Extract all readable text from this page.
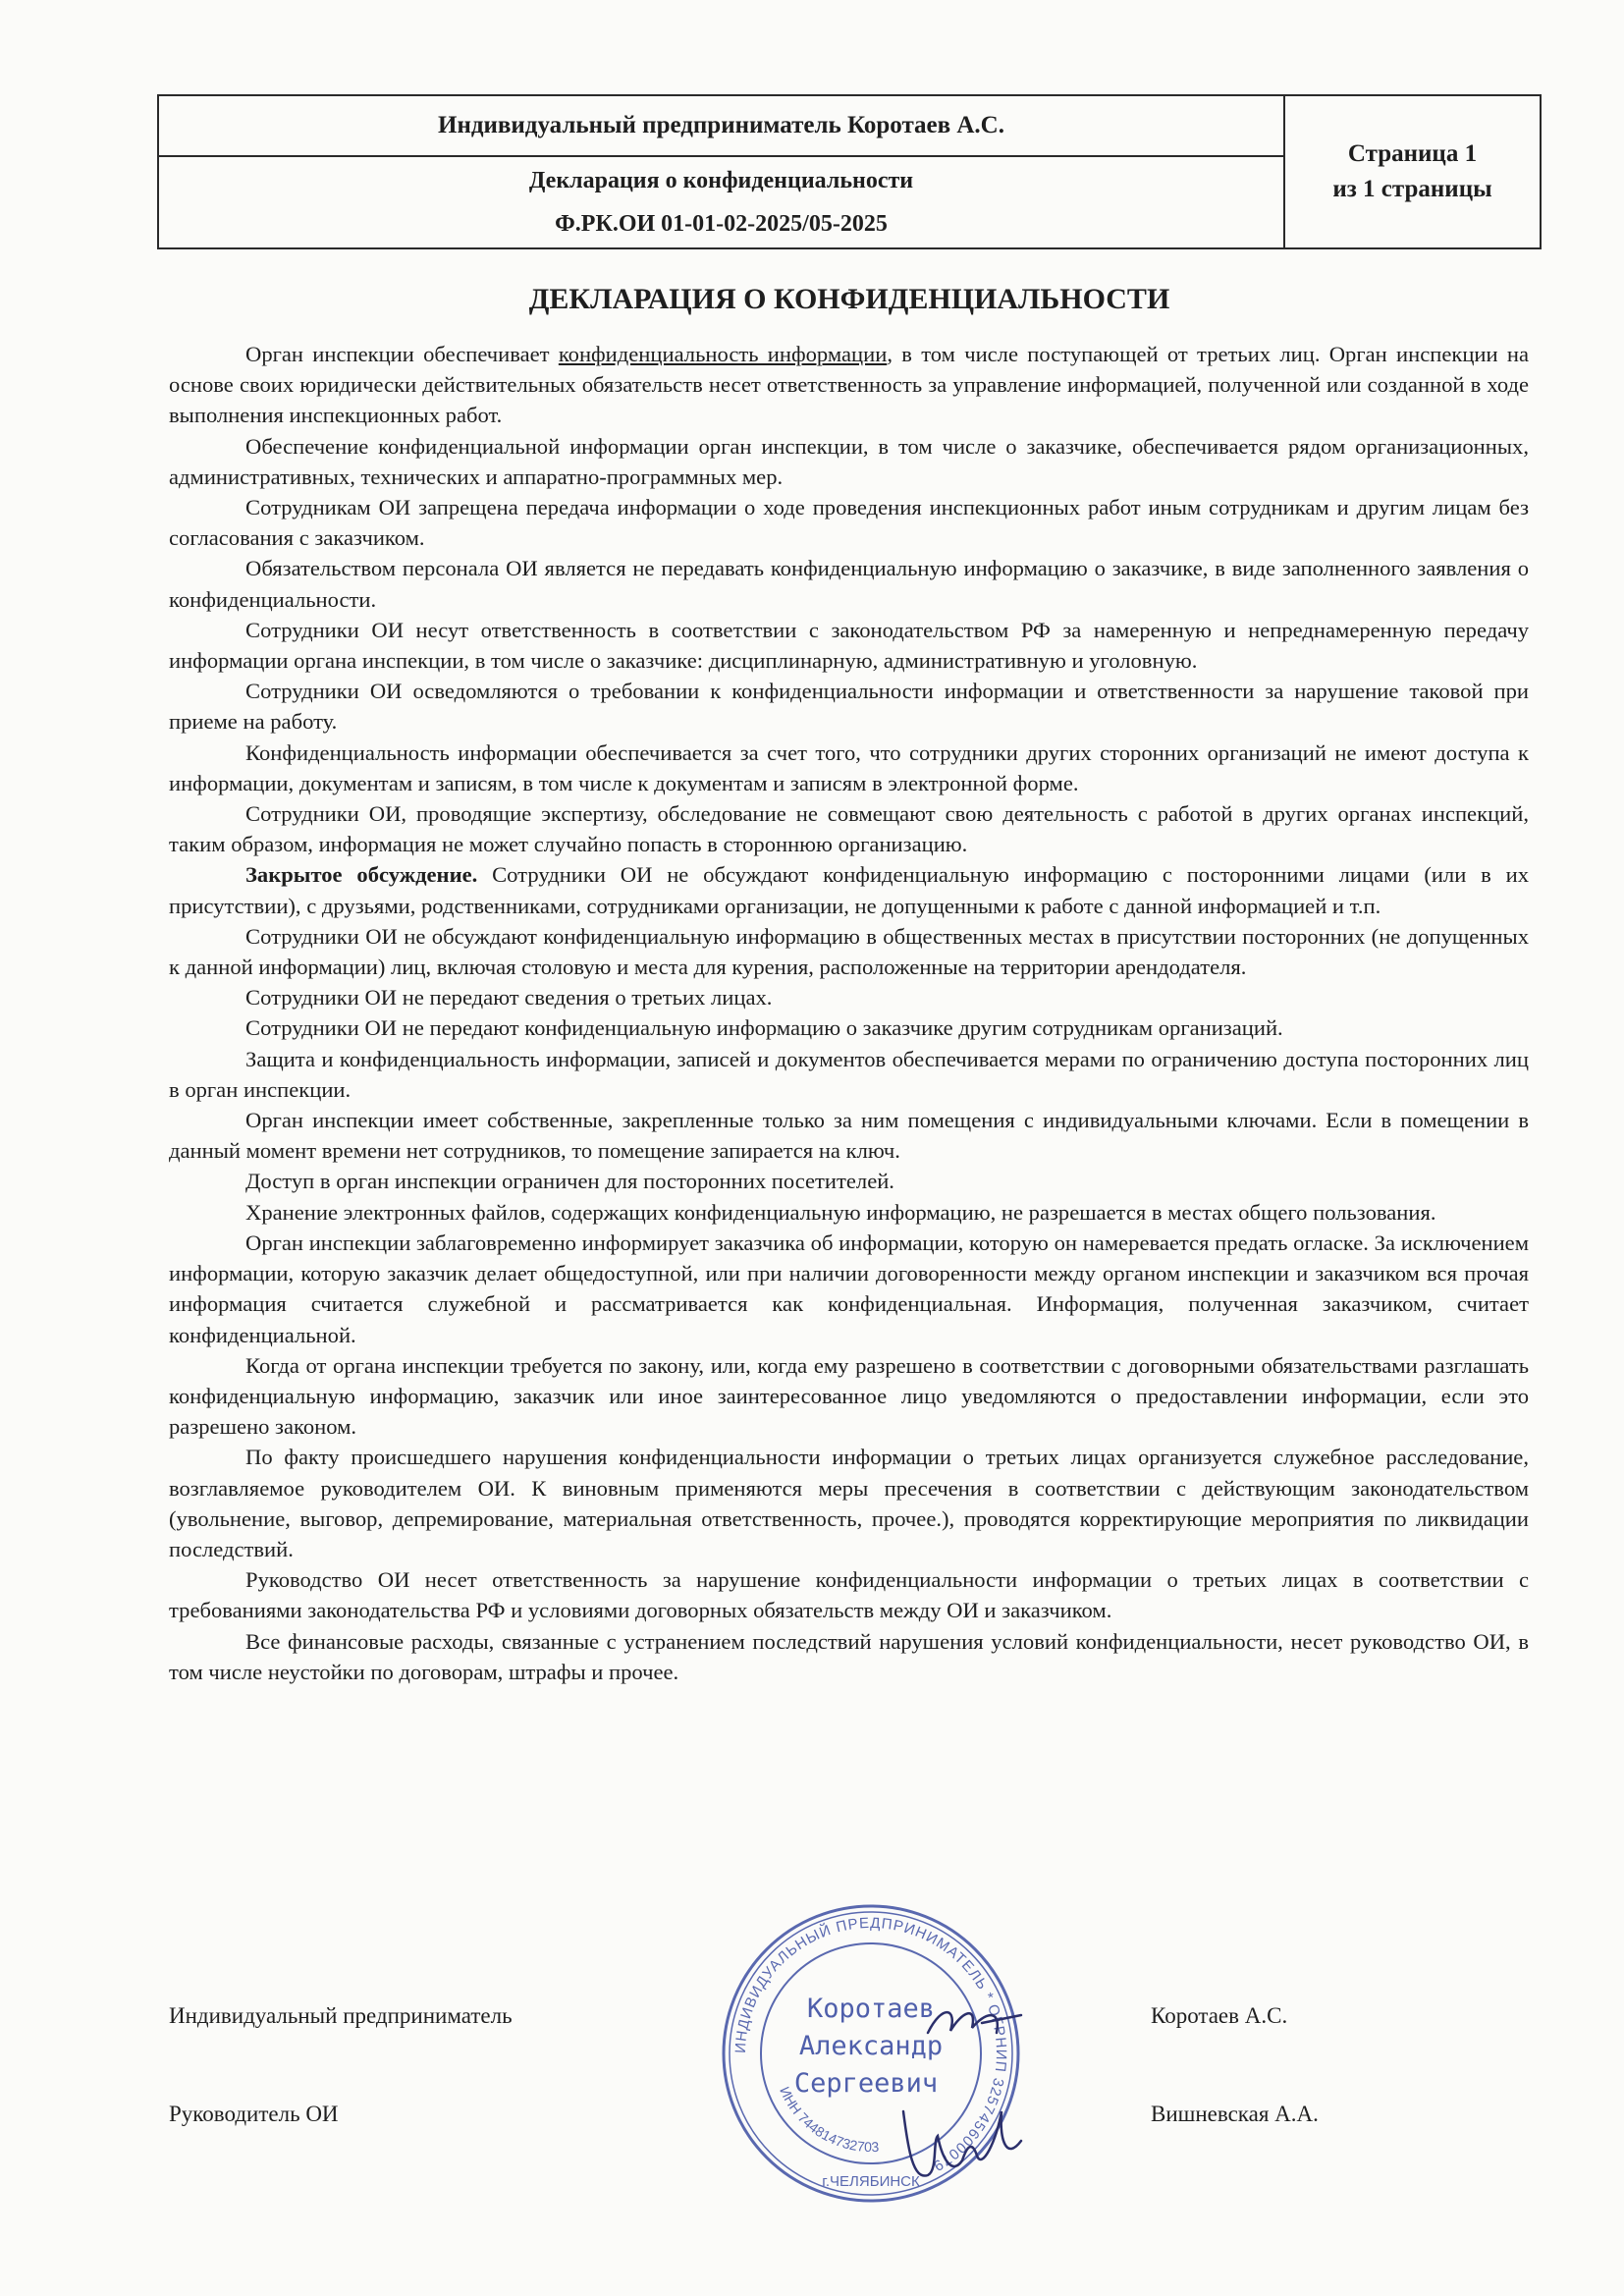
Индивидуальный предприниматель Коротаев А.С.
Декларация о конфиденциальности
Ф.РК.ОИ 01-01-02-2025/05-2025
Страница 1
из 1 страницы
ДЕКЛАРАЦИЯ О КОНФИДЕНЦИАЛЬНОСТИ

Орган инспекции обеспечивает конфиденциальность информации, в том числе поступающей от третьих лиц. Орган инспекции на основе своих юридически действительных обязательств несет ответственность за управление информацией, полученной или созданной в ходе выполнения инспекционных работ.

Обеспечение конфиденциальной информации орган инспекции, в том числе о заказчике, обеспечивается рядом организационных, административных, технических и аппаратно-программных мер.

Сотрудникам ОИ запрещена передача информации о ходе проведения инспекционных работ иным сотрудникам и другим лицам без согласования с заказчиком.

Обязательством персонала ОИ является не передавать конфиденциальную информацию о заказчике, в виде заполненного заявления о конфиденциальности.

Сотрудники ОИ несут ответственность в соответствии с законодательством РФ за намеренную и непреднамеренную передачу информации органа инспекции, в том числе о заказчике: дисциплинарную, административную и уголовную.

Сотрудники ОИ осведомляются о требовании к конфиденциальности информации и ответственности за нарушение таковой при приеме на работу.

Конфиденциальность информации обеспечивается за счет того, что сотрудники других сторонних организаций не имеют доступа к информации, документам и записям, в том числе к документам и записям в электронной форме.

Сотрудники ОИ, проводящие экспертизу, обследование не совмещают свою деятельность с работой в других органах инспекций, таким образом, информация не может случайно попасть в стороннюю организацию.

Закрытое обсуждение. Сотрудники ОИ не обсуждают конфиденциальную информацию с посторонними лицами (или в их присутствии), с друзьями, родственниками, сотрудниками организации, не допущенными к работе с данной информацией и т.п.

Сотрудники ОИ не обсуждают конфиденциальную информацию в общественных местах в присутствии посторонних (не допущенных к данной информации) лиц, включая столовую и места для курения, расположенные на территории арендодателя.

Сотрудники ОИ не передают сведения о третьих лицах.

Сотрудники ОИ не передают конфиденциальную информацию о заказчике другим сотрудникам организаций.

Защита и конфиденциальность информации, записей и документов обеспечивается мерами по ограничению доступа посторонних лиц в орган инспекции.

Орган инспекции имеет собственные, закрепленные только за ним помещения с индивидуальными ключами. Если в помещении в данный момент времени нет сотрудников, то помещение запирается на ключ.

Доступ в орган инспекции ограничен для посторонних посетителей.

Хранение электронных файлов, содержащих конфиденциальную информацию, не разрешается в местах общего пользования.

Орган инспекции заблаговременно информирует заказчика об информации, которую он намеревается предать огласке. За исключением информации, которую заказчик делает общедоступной, или при наличии договоренности между органом инспекции и заказчиком вся прочая информация считается служебной и рассматривается как конфиденциальная. Информация, полученная заказчиком, считает конфиденциальной.

Когда от органа инспекции требуется по закону, или, когда ему разрешено в соответствии с договорными обязательствами разглашать конфиденциальную информацию, заказчик или иное заинтересованное лицо уведомляются о предоставлении информации, если это разрешено законом.

По факту происшедшего нарушения конфиденциальности информации о третьих лицах организуется служебное расследование, возглавляемое руководителем ОИ. К виновным применяются меры пресечения в соответствии с действующим законодательством (увольнение, выговор, депремирование, материальная ответственность, прочее.), проводятся корректирующие мероприятия по ликвидации последствий.

Руководство ОИ несет ответственность за нарушение конфиденциальности информации о третьих лицах в соответствии с требованиями законодательства РФ и условиями договорных обязательств между ОИ и заказчиком.

Все финансовые расходы, связанные с устранением последствий нарушения условий конфиденциальности, несет руководство ОИ, в том числе неустойки по договорам, штрафы и прочее.

Индивидуальный предприниматель	Коротаев А.С.
Руководитель ОИ	Вишневская А.А.
ИНДИВИДУАЛЬНЫЙ ПРЕДПРИНИМАТЕЛЬ * ОГРНИП 325745600079
ИНН 744814732703
Коротаев
Александр
Сергеевич
г.ЧЕЛЯБИНСК
